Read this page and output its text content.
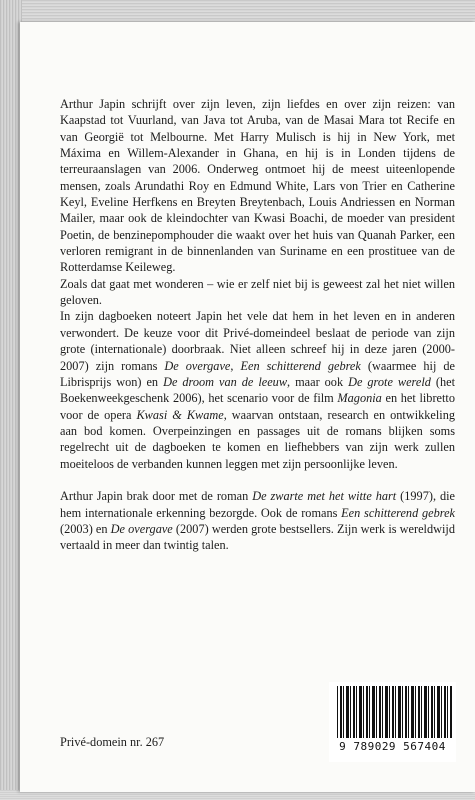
Arthur Japin schrijft over zijn leven, zijn liefdes en over zijn reizen: van Kaapstad tot Vuurland, van Java tot Aruba, van de Masai Mara tot Recife en van Georgië tot Melbourne. Met Harry Mulisch is hij in New York, met Máxima en Willem-Alexander in Ghana, en hij is in Londen tijdens de terreuraanslagen van 2006. Onderweg ontmoet hij de meest uiteenlopende mensen, zoals Arundathi Roy en Edmund White, Lars von Trier en Catherine Keyl, Eveline Herfkens en Breyten Breytenbach, Louis Andriessen en Norman Mailer, maar ook de kleindochter van Kwasi Boachi, de moeder van president Poetin, de benzinepomphouder die waakt over het huis van Quanah Parker, een verloren remigrant in de binnenlanden van Suriname en een prostituee van de Rotterdamse Keileweg.

Zoals dat gaat met wonderen – wie er zelf niet bij is geweest zal het niet willen geloven.

In zijn dagboeken noteert Japin het vele dat hem in het leven en in anderen verwondert. De keuze voor dit Privé-domeindeel beslaat de periode van zijn grote (internationale) doorbraak. Niet alleen schreef hij in deze jaren (2000-2007) zijn romans De overgave, Een schitterend gebrek (waarmee hij de Librisprijs won) en De droom van de leeuw, maar ook De grote wereld (het Boekenweekgeschenk 2006), het scenario voor de film Magonia en het libretto voor de opera Kwasi & Kwame, waarvan ontstaan, research en ontwikkeling aan bod komen. Overpeinzingen en passages uit de romans blijken soms regelrecht uit de dagboeken te komen en liefhebbers van zijn werk zullen moeiteloos de verbanden kunnen leggen met zijn persoonlijke leven.

Arthur Japin brak door met de roman De zwarte met het witte hart (1997), die hem internationale erkenning bezorgde. Ook de romans Een schitterend gebrek (2003) en De overgave (2007) werden grote bestsellers. Zijn werk is wereldwijd vertaald in meer dan twintig talen.

Privé-domein nr. 267	9 789029 567404
